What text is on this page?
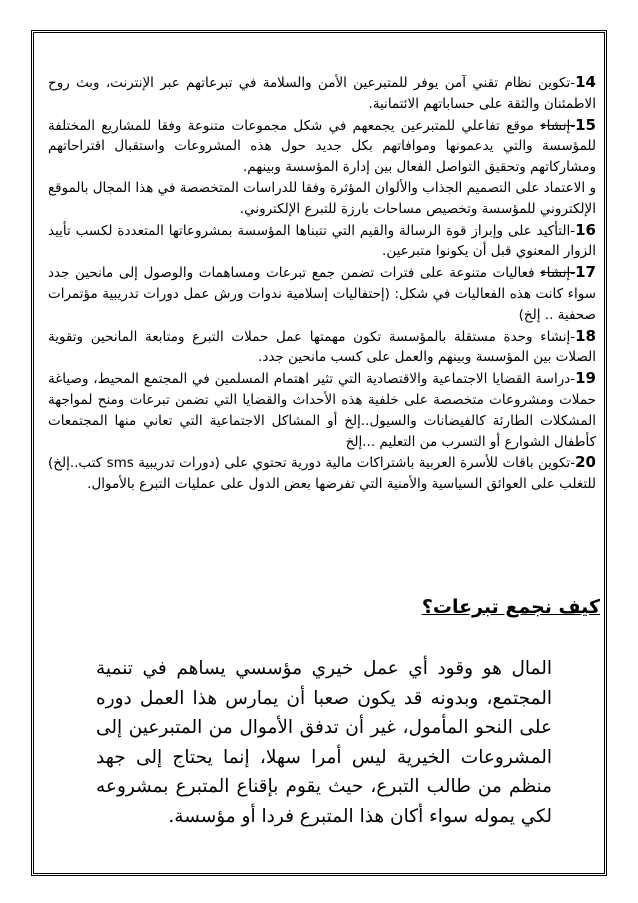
14-تكوين نظام تقني آمن يوفر للمتبرعين الأمن والسلامة في تبرعاتهم عبر الإنترنت، وبث روح الاطمئنان والثقة على حساباتهم الائتمانية.

15-إنشاء موقع تفاعلي للمتبرعين يجمعهم في شكل مجموعات متنوعة وفقا للمشاريع المختلفة للمؤسسة والتي يدعمونها وموافاتهم بكل جديد حول هذه المشروعات واستقبال اقتراحاتهم ومشاركاتهم وتحقيق التواصل الفعال بين إدارة المؤسسة وبينهم.

و الاعتماد على التصميم الجذاب والألوان المؤثرة وفقا للدراسات المتخصصة في هذا المجال بالموقع الإلكتروني للمؤسسة وتخصيص مساحات بارزة للتبرع الإلكتروني.

16-التأكيد على وإبراز قوة الرسالة والقيم التي تتبناها المؤسسة بمشروعاتها المتعددة لكسب تأييد الزوار المعنوي قبل أن يكونوا متبرعين.

17-إنشاء فعاليات متنوعة على فترات تضمن جمع تبرعات ومساهمات والوصول إلى مانحين جدد سواء كانت هذه الفعاليات في شكل: (إحتفاليات إسلامية ندوات ورش عمل دورات تدريبية مؤتمرات صحفية .. إلخ)

18-إنشاء وحدة مستقلة بالمؤسسة تكون مهمتها عمل حملات التبرع ومتابعة المانحين وتقوية الصلات بين المؤسسة وبينهم والعمل على كسب مانحين جدد.

19-دراسة القضايا الاجتماعية والاقتصادية التي تثير اهتمام المسلمين في المجتمع المحيط، وصياغة حملات ومشروعات متخصصة على خلفية هذه الأحداث والقضايا التي تضمن تبرعات ومنح لمواجهة المشكلات الطارئة كالفيضانات والسيول..إلخ أو المشاكل الاجتماعية التي تعاني منها المجتمعات كأطفال الشوارع أو التسرب من التعليم ...إلخ

20-تكوين باقات للأسرة العربية باشتراكات مالية دورية تحتوي على (دورات تدريبية sms كتب..إلخ) للتغلب على العوائق السياسية والأمنية التي تفرضها بعض الدول على عمليات التبرع بالأموال.

كيف نجمع تبرعات؟
المال هو وقود أي عمل خيري مؤسسي يساهم في تنمية المجتمع، وبدونه قد يكون صعبا أن يمارس هذا العمل دوره على النحو المأمول، غير أن تدفق الأموال من المتبرعين إلى المشروعات الخيرية ليس أمرا سهلا، إنما يحتاج إلى جهد منظم من طالب التبرع، حيث يقوم بإقناع المتبرع بمشروعه لكي يموله سواء أكان هذا المتبرع فردا أو مؤسسة.
